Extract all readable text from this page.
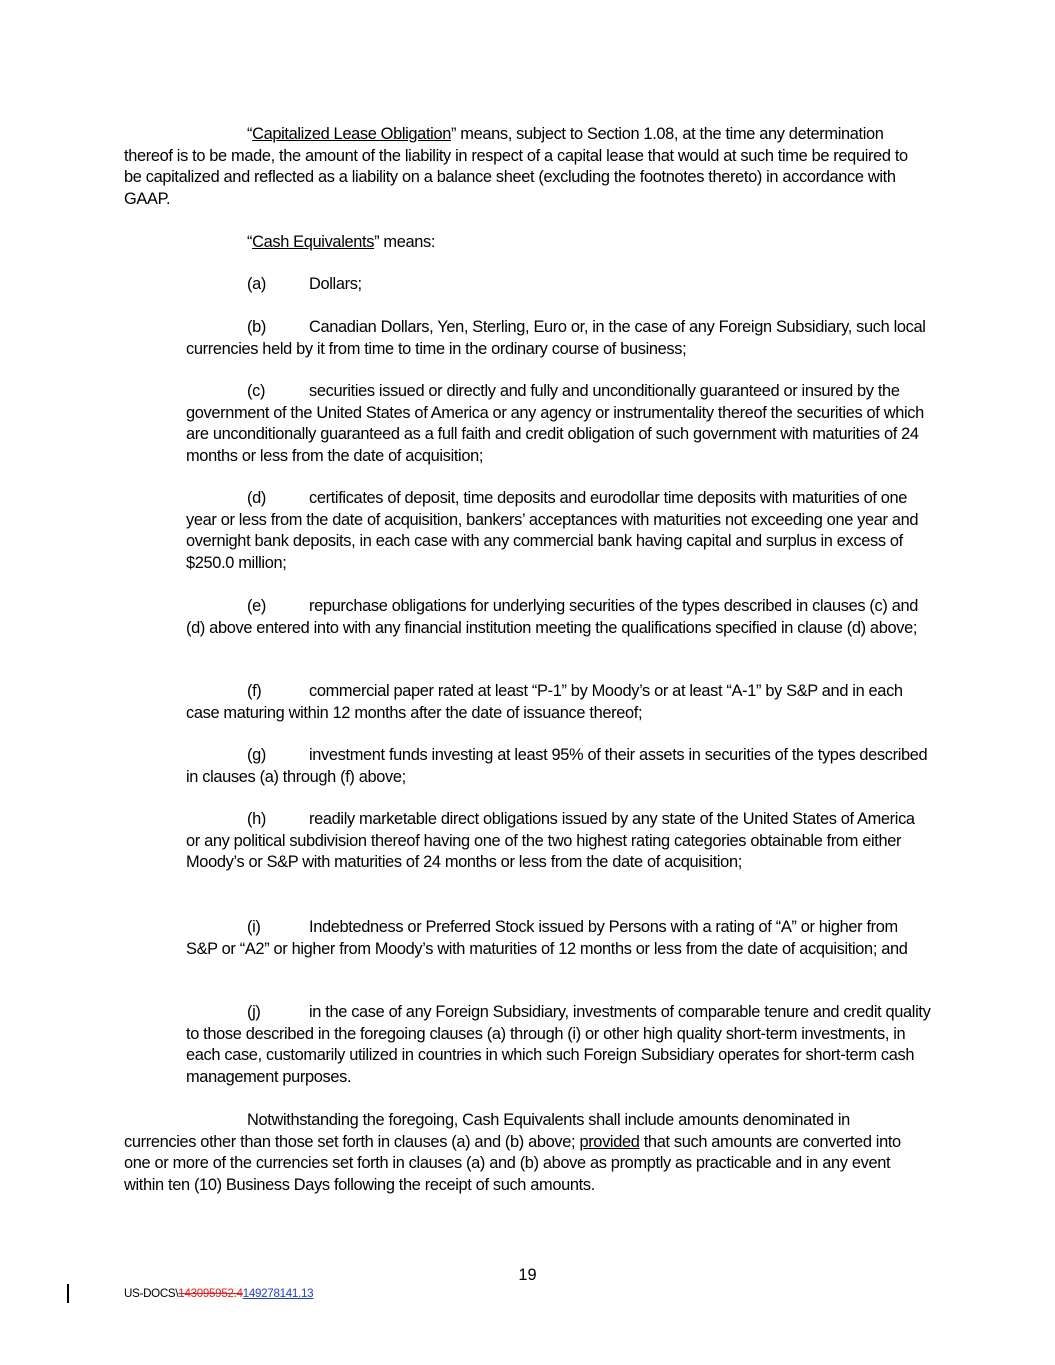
“Capitalized Lease Obligation” means, subject to Section 1.08, at the time any determination thereof is to be made, the amount of the liability in respect of a capital lease that would at such time be required to be capitalized and reflected as a liability on a balance sheet (excluding the footnotes thereto) in accordance with GAAP.

“Cash Equivalents” means:

(a)	Dollars;

(b)	Canadian Dollars, Yen, Sterling, Euro or, in the case of any Foreign Subsidiary, such local currencies held by it from time to time in the ordinary course of business;

(c)	securities issued or directly and fully and unconditionally guaranteed or insured by the government of the United States of America or any agency or instrumentality thereof the securities of which are unconditionally guaranteed as a full faith and credit obligation of such government with maturities of 24 months or less from the date of acquisition;

(d)	certificates of deposit, time deposits and eurodollar time deposits with maturities of one year or less from the date of acquisition, bankers’ acceptances with maturities not exceeding one year and overnight bank deposits, in each case with any commercial bank having capital and surplus in excess of $250.0 million;

(e)	repurchase obligations for underlying securities of the types described in clauses (c) and (d) above entered into with any financial institution meeting the qualifications specified in clause (d) above;

(f)	commercial paper rated at least “P-1” by Moody’s or at least “A-1” by S&P and in each case maturing within 12 months after the date of issuance thereof;

(g)	investment funds investing at least 95% of their assets in securities of the types described in clauses (a) through (f) above;

(h)	readily marketable direct obligations issued by any state of the United States of America or any political subdivision thereof having one of the two highest rating categories obtainable from either Moody’s or S&P with maturities of 24 months or less from the date of acquisition;

(i)	Indebtedness or Preferred Stock issued by Persons with a rating of “A” or higher from S&P or “A2” or higher from Moody’s with maturities of 12 months or less from the date of acquisition; and

(j)	in the case of any Foreign Subsidiary, investments of comparable tenure and credit quality to those described in the foregoing clauses (a) through (i) or other high quality short-term investments, in each case, customarily utilized in countries in which such Foreign Subsidiary operates for short-term cash management purposes.

Notwithstanding the foregoing, Cash Equivalents shall include amounts denominated in currencies other than those set forth in clauses (a) and (b) above; provided that such amounts are converted into one or more of the currencies set forth in clauses (a) and (b) above as promptly as practicable and in any event within ten (10) Business Days following the receipt of such amounts.

19
US-DOCS\143095952.4149278141.13
